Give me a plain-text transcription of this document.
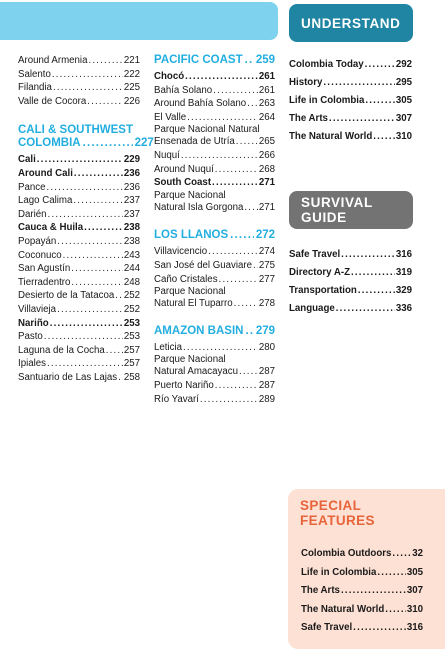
Around Armenia .....	221
Salento .....	222
Filandia .....	225
Valle de Cocora .....	226
CALI & SOUTHWEST
COLOMBIA .....	227
Cali .....	229
Around Cali .....	236
Pance .....	236
Lago Calima .....	237
Darién .....	237
Cauca & Huila .....	238
Popayán .....	238
Coconuco .....	243
San Agustín .....	244
Tierradentro .....	248
Desierto de la Tatacoa ..... 252
Villavieja .....	252
Nariño .....	253
Pasto .....	253
Laguna de la Cocha ..... 257
Ipiales .....	257
Santuario de Las Lajas ..... 258
PACIFIC COAST ..... 259
Chocó .....	261
Bahía Solano .....	261
Around Bahía Solano ..... 263
El Valle .....	264
Parque Nacional Natural
Ensenada de Utría ..... 265
Nuquí .....	266
Around Nuquí .....	268
South Coast .....	271
Parque Nacional
Natural Isla Gorgona ..... 271
LOS LLANOS ..... 272
Villavicencio .....	274
San José del Guaviare ..... 275
Caño Cristales .....	277
Parque Nacional
Natural El Tuparro .....	278
AMAZON BASIN ..... 279
Leticia .....	280
Parque Nacional
Natural Amacayacu ..... 287
Puerto Nariño .....	287
Río Yavarí .....	289
UNDERSTAND
Colombia Today .....	292
History .....	295
Life in Colombia .....	305
The Arts .....	307
The Natural World ..... 310
SURVIVAL
GUIDE
Safe Travel .....	316
Directory A-Z .....	319
Transportation .....	329
Language .....	336
SPECIAL
FEATURES
Colombia Outdoors ..... 32
Life in Colombia .....	305
The Arts .....	307
The Natural World ..... 310
Safe Travel .....	316
